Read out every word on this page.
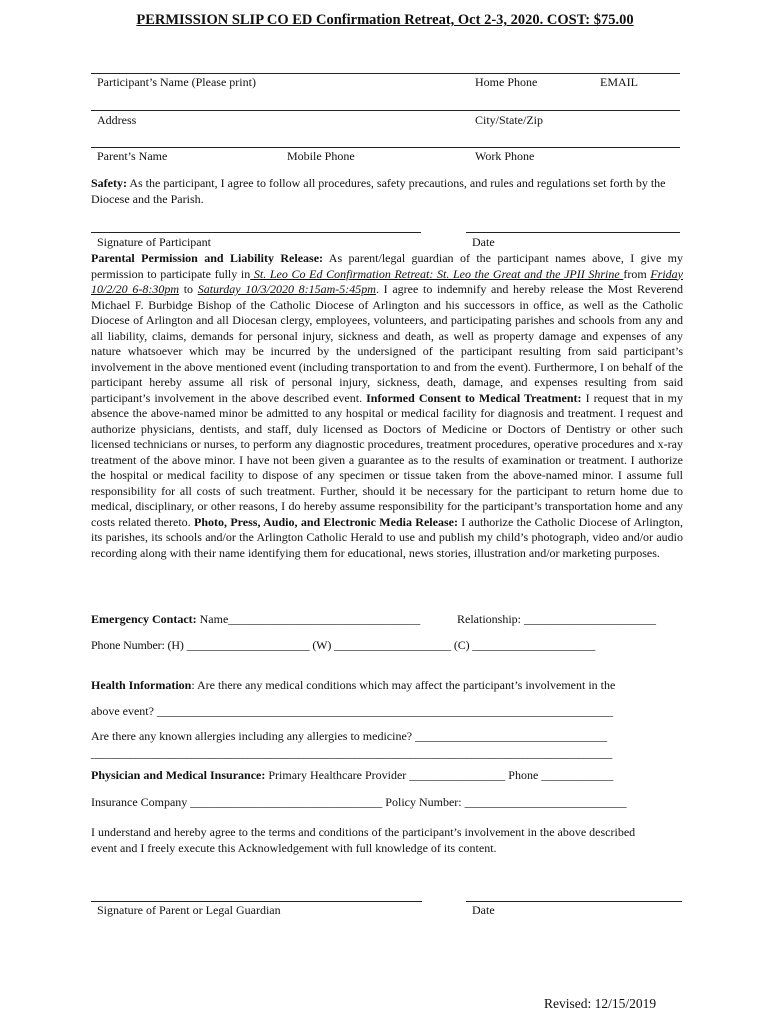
PERMISSION SLIP CO ED Confirmation Retreat, Oct 2-3, 2020. COST: $75.00
Participant’s Name (Please print)	Home Phone	EMAIL
Address	City/State/Zip
Parent’s Name	Mobile Phone	Work Phone
Safety: As the participant, I agree to follow all procedures, safety precautions, and rules and regulations set forth by the Diocese and the Parish.
Signature of Participant	Date
Parental Permission and Liability Release: As parent/legal guardian of the participant names above, I give my permission to participate fully in St. Leo Co Ed Confirmation Retreat: St. Leo the Great and the JPII Shrine from Friday 10/2/20 6-8:30pm to Saturday 10/3/2020 8:15am-5:45pm. I agree to indemnify and hereby release the Most Reverend Michael F. Burbidge Bishop of the Catholic Diocese of Arlington and his successors in office, as well as the Catholic Diocese of Arlington and all Diocesan clergy, employees, volunteers, and participating parishes and schools from any and all liability, claims, demands for personal injury, sickness and death, as well as property damage and expenses of any nature whatsoever which may be incurred by the undersigned of the participant resulting from said participant’s involvement in the above mentioned event (including transportation to and from the event). Furthermore, I on behalf of the participant hereby assume all risk of personal injury, sickness, death, damage, and expenses resulting from said participant’s involvement in the above described event. Informed Consent to Medical Treatment: I request that in my absence the above-named minor be admitted to any hospital or medical facility for diagnosis and treatment. I request and authorize physicians, dentists, and staff, duly licensed as Doctors of Medicine or Doctors of Dentistry or other such licensed technicians or nurses, to perform any diagnostic procedures, treatment procedures, operative procedures and x-ray treatment of the above minor. I have not been given a guarantee as to the results of examination or treatment. I authorize the hospital or medical facility to dispose of any specimen or tissue taken from the above-named minor. I assume full responsibility for all costs of such treatment. Further, should it be necessary for the participant to return home due to medical, disciplinary, or other reasons, I do hereby assume responsibility for the participant’s transportation home and any costs related thereto. Photo, Press, Audio, and Electronic Media Release: I authorize the Catholic Diocese of Arlington, its parishes, its schools and/or the Arlington Catholic Herald to use and publish my child’s photograph, video and/or audio recording along with their name identifying them for educational, news stories, illustration and/or marketing purposes.
Emergency Contact: Name________________________________	Relationship: ______________________
Phone Number: (H) _____________________ (W) ____________________ (C) _____________________
Health Information: Are there any medical conditions which may affect the participant’s involvement in the
above event? ____________________________________________________________________________
Are there any known allergies including any allergies to medicine? ________________________________
_____________________________________________________________________________________________
Physician and Medical Insurance: Primary Healthcare Provider ________________ Phone ____________
Insurance Company ________________________________ Policy Number: ___________________________
I understand and hereby agree to the terms and conditions of the participant’s involvement in the above described event and I freely execute this Acknowledgement with full knowledge of its content.
Signature of Parent or Legal Guardian	Date
Revised: 12/15/2019
